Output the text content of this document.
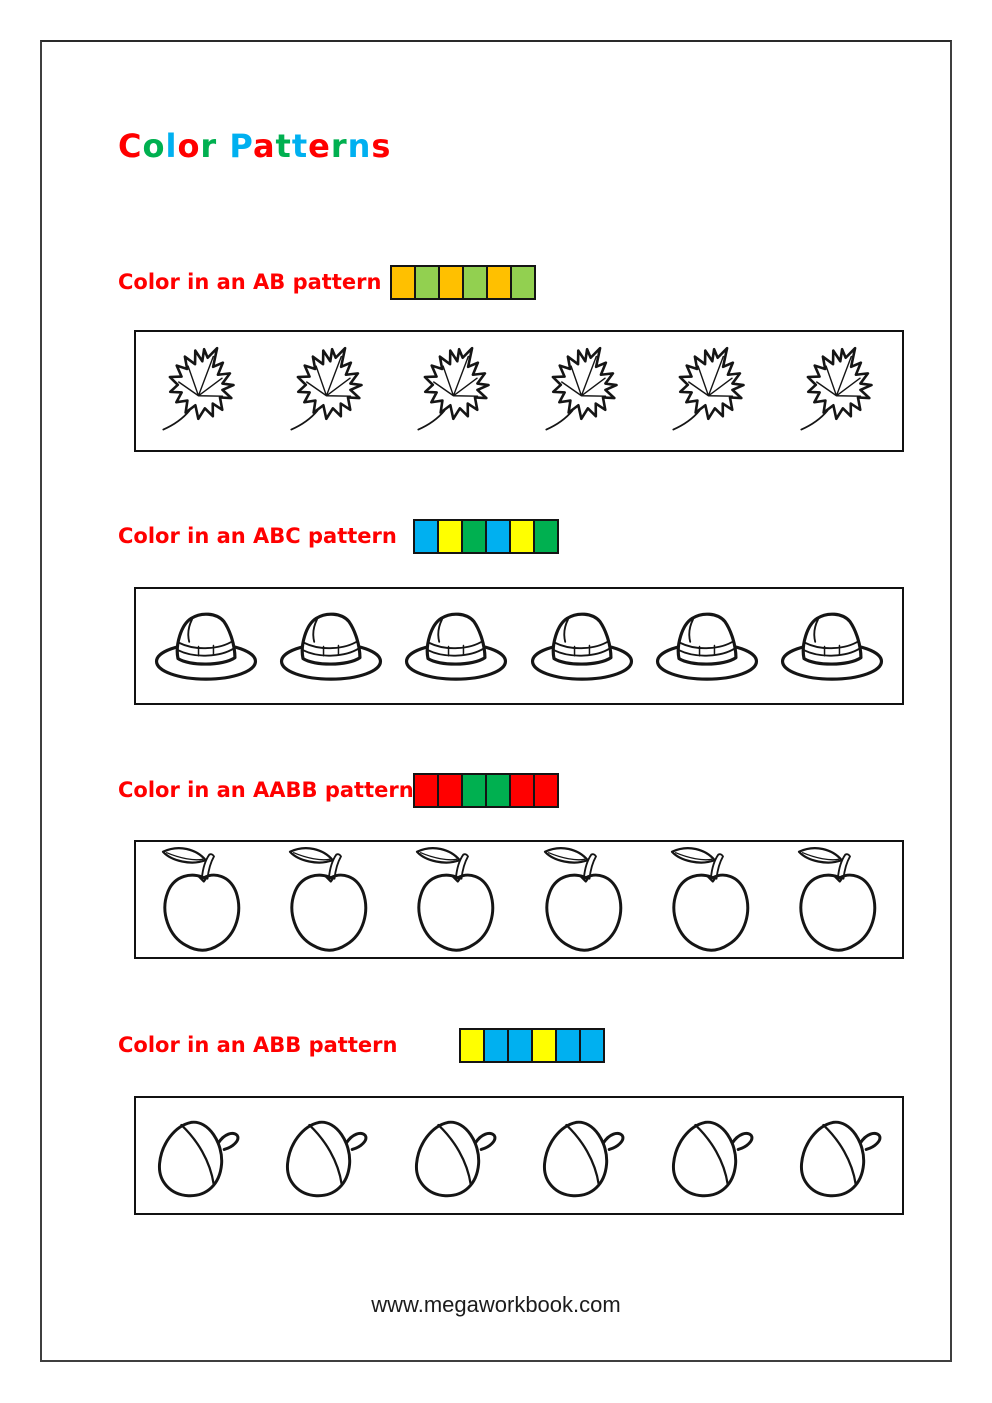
Color Patterns
Color in an AB pattern
Color in an ABC pattern
Color in an AABB pattern
Color in an ABB pattern
www.megaworkbook.com
